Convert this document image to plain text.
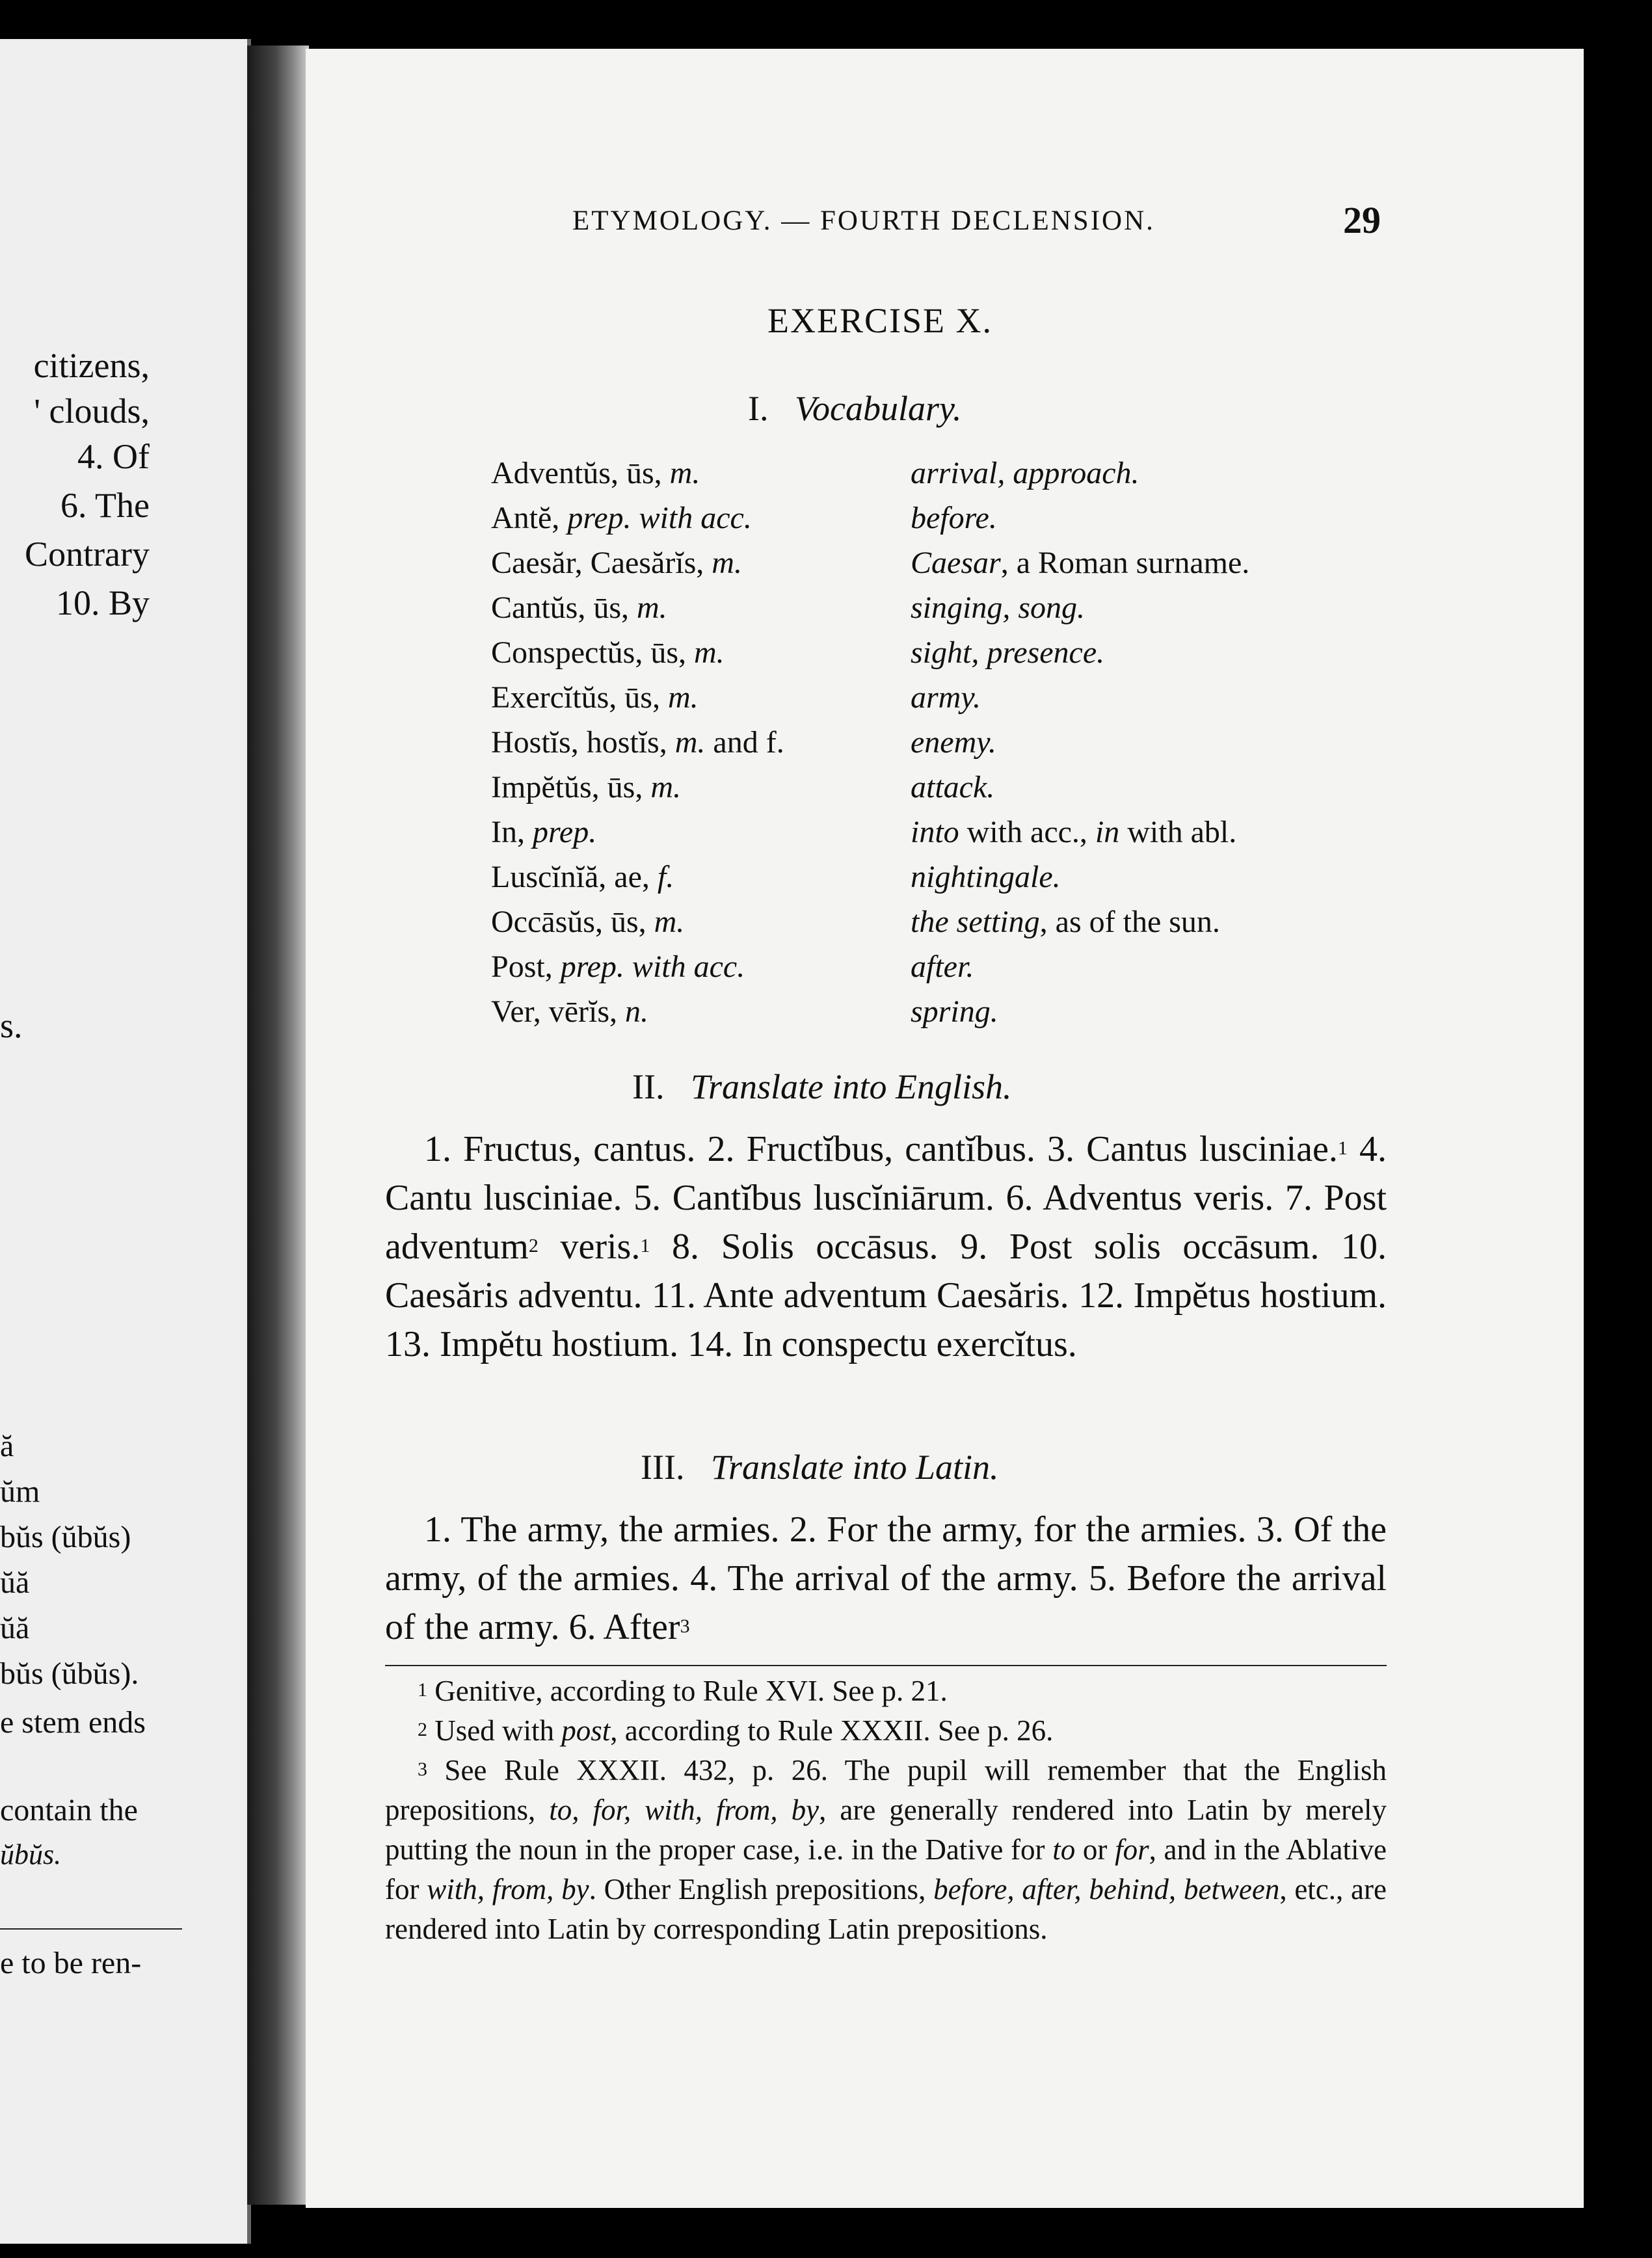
citizens,
' clouds,
4. Of
6. The
Contrary
10. By
s.
ă
ŭm
bŭs (ŭbŭs)
ŭă
ŭă
bŭs (ŭbŭs).
e stem ends
contain the
ŭbŭs.
e to be ren-
ETYMOLOGY. — FOURTH DECLENSION.	29
EXERCISE X.
I. Vocabulary.
Adventŭs, ūs, m.	arrival, approach.
Antĕ, prep. with acc.	before.
Caesăr, Caesărĭs, m.	Caesar, a Roman surname.
Cantŭs, ūs, m.	singing, song.
Conspectŭs, ūs, m.	sight, presence.
Exercĭtŭs, ūs, m.	army.
Hostĭs, hostĭs, m. and f.	enemy.
Impĕtŭs, ūs, m.	attack.
In, prep.	into with acc., in with abl.
Luscĭnĭă, ae, f.	nightingale.
Occāsŭs, ūs, m.	the setting, as of the sun.
Post, prep. with acc.	after.
Ver, vērĭs, n.	spring.
II. Translate into English.
1. Fructus, cantus. 2. Fructĭbus, cantĭbus. 3. Cantus lusciniae.$^1$ 4. Cantu lusciniae. 5. Cantĭbus luscĭniārum. 6. Adventus veris. 7. Post adventum$^2$ veris.$^1$ 8. Solis occāsus. 9. Post solis occāsum. 10. Caesăris adventu. 11. Ante adventum Caesăris. 12. Impĕtus hostium. 13. Impĕtu hostium. 14. In conspectu exercĭtus.
III. Translate into Latin.
1. The army, the armies. 2. For the army, for the armies. 3. Of the army, of the armies. 4. The arrival of the army. 5. Before the arrival of the army. 6. After$^3$

$^1$ Genitive, according to Rule XVI. See p. 21.

$^2$ Used with post, according to Rule XXXII. See p. 26.

$^3$ See Rule XXXII. 432, p. 26. The pupil will remember that the English prepositions, to, for, with, from, by, are generally rendered into Latin by merely putting the noun in the proper case, i.e. in the Dative for to or for, and in the Ablative for with, from, by. Other English prepositions, before, after, behind, between, etc., are rendered into Latin by corresponding Latin prepositions.
